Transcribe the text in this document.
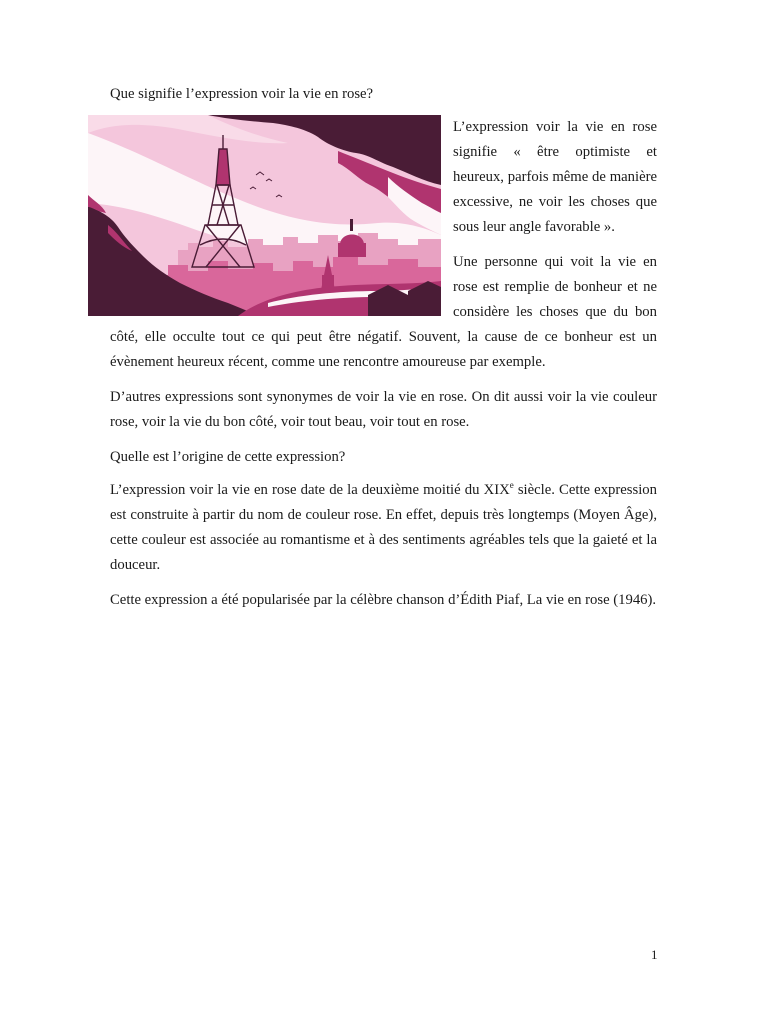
Que signifie l’expression voir la vie en rose?

L’expression voir la vie en rose signifie « être optimiste et heureux, parfois même de manière excessive, ne voir les choses que sous leur angle favorable ».

Une personne qui voit la vie en rose est remplie de bonheur et ne considère les choses que du bon côté, elle occulte tout ce qui peut être négatif. Souvent, la cause de ce bonheur est un évènement heureux récent, comme une rencontre amoureuse par exemple.

D’autres expressions sont synonymes de voir la vie en rose. On dit aussi voir la vie couleur rose, voir la vie du bon côté, voir tout beau, voir tout en rose.

Quelle est l’origine de cette expression?

L’expression voir la vie en rose date de la deuxième moitié du XIXe siècle. Cette expression est construite à partir du nom de couleur rose. En effet, depuis très longtemps (Moyen Âge), cette couleur est associée au romantisme et à des sentiments agréables tels que la gaieté et la douceur.

Cette expression a été popularisée par la célèbre chanson d’Édith Piaf, La vie en rose (1946).

1
